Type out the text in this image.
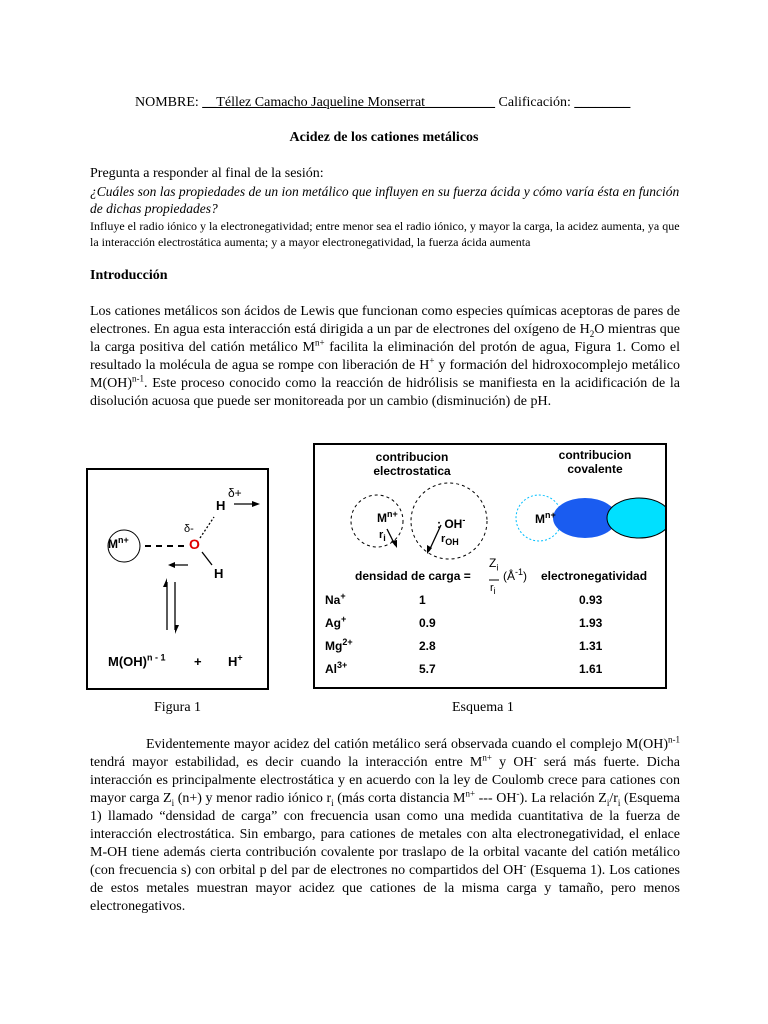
NOMBRE: __Téllez Camacho Jaqueline Monserrat__________ Calificación: ________
Acidez de los cationes metálicos
Pregunta a responder al final de la sesión:
¿Cuáles son las propiedades de un ion metálico que influyen en su fuerza ácida y cómo varía ésta en función de dichas propiedades?
Influye el radio iónico y la electronegatividad; entre menor sea el radio iónico, y mayor la carga, la acidez aumenta, ya que la interacción electrostática aumenta; y a mayor electronegatividad, la fuerza ácida aumenta
Introducción
Los cationes metálicos son ácidos de Lewis que funcionan como especies químicas aceptoras de pares de electrones. En agua esta interacción está dirigida a un par de electrones del oxígeno de $H_2O$ mientras que la carga positiva del catión metálico $M^{n+}$ facilita la eliminación del protón de agua, Figura 1. Como el resultado la molécula de agua se rompe con liberación de H+ y formación del hidroxocomplejo metálico M(OH)$^{n-1}$. Este proceso conocido como la reacción de hidrólisis se manifiesta en la acidificación de la disolución acuosa que puede ser monitoreada por un cambio (disminución) de pH.
$M^{n+}$	O
δ-
δ+
H
H
M(OH)$^{n - 1}$ + H+
contribucion
electrostatica
contribucion
covalente
$M^{n+}$
$r_i$
: OH-
$r_{OH}$
$M^{n+}$
densidad de carga =
$Z_i$
$r_i$
$(Å^{-1})$ electronegatividad
Na+	1	0.93
Ag+	0.9	1.93
$Mg^{2+}$	2.8	1.31
$Al^{3+}$	5.7	1.61
Figura 1	Esquema 1
Evidentemente mayor acidez del catión metálico será observada cuando el complejo M(OH)$^{n-1}$ tendrá mayor estabilidad, es decir cuando la interacción entre $M^{n+}$ y OH- será más fuerte. Dicha interacción es principalmente electrostática y en acuerdo con la ley de Coulomb crece para cationes con mayor carga $Z_i$ (n+) y menor radio iónico $r_i$ (más corta distancia $M^{n+}$ --- OH-). La relación $Z_i/r_i$ (Esquema 1) llamado “densidad de carga” con frecuencia usan como una medida cuantitativa de la fuerza de interacción electrostática. Sin embargo, para cationes de metales con alta electronegatividad, el enlace M-OH tiene además cierta contribución covalente por traslapo de la orbital vacante del catión metálico (con frecuencia s) con orbital p del par de electrones no compartidos del OH- (Esquema 1). Los cationes de estos metales muestran mayor acidez que cationes de la misma carga y tamaño, pero menos electronegativos.
